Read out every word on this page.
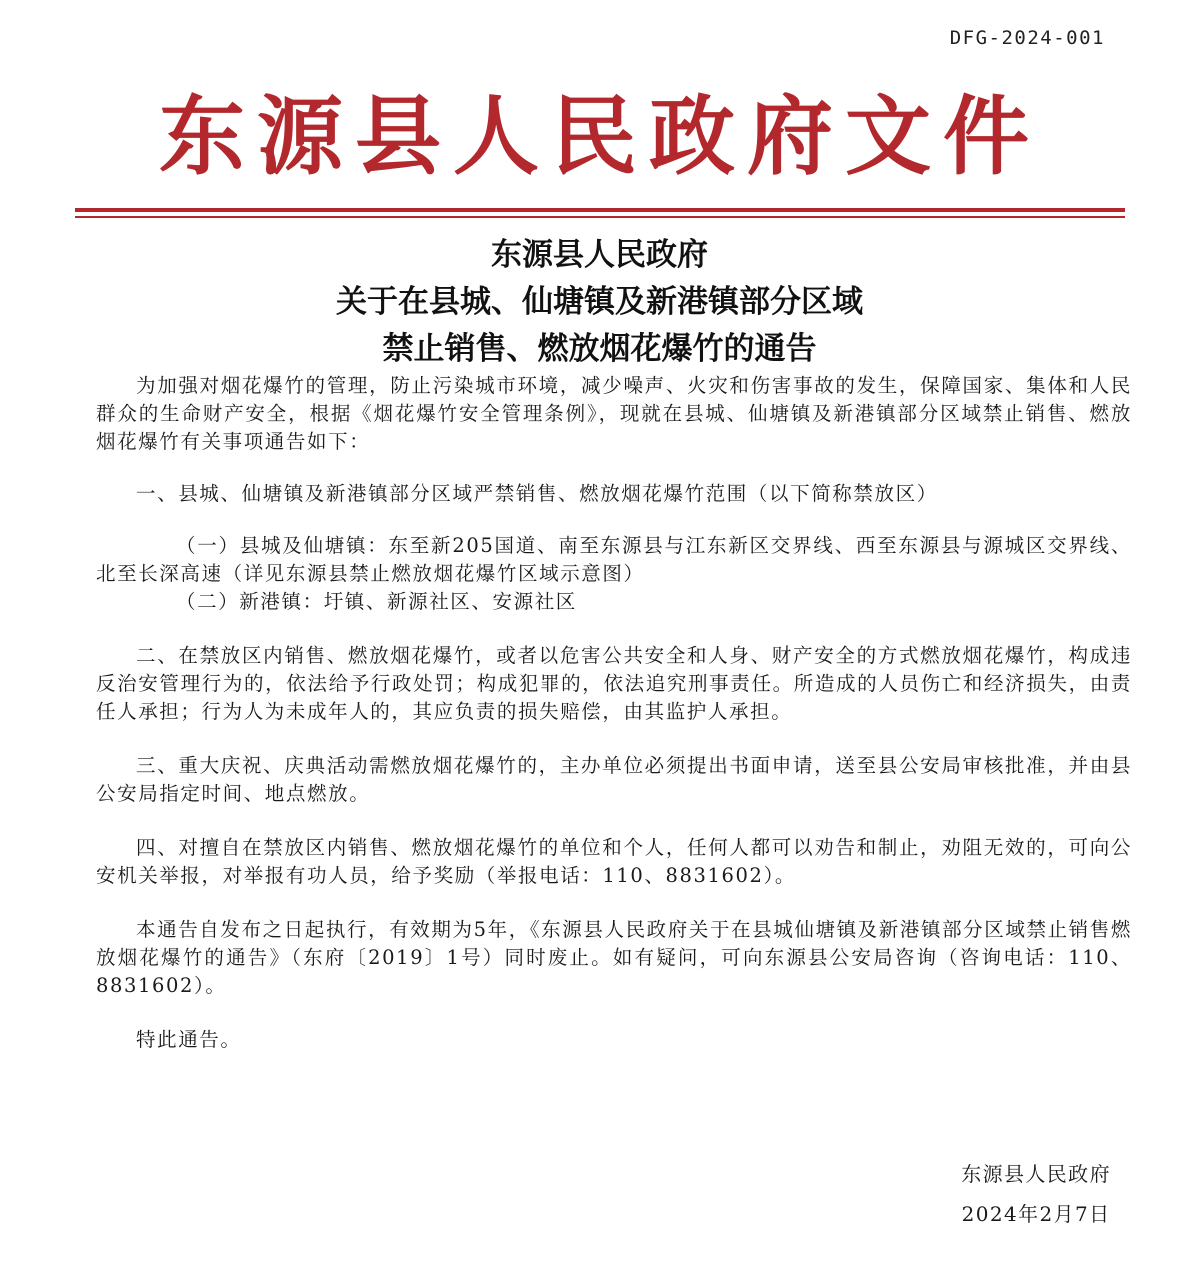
DFG-2024-001
东源县人民政府文件
东源县人民政府
关于在县城、仙塘镇及新港镇部分区域
禁止销售、燃放烟花爆竹的通告

为加强对烟花爆竹的管理，防止污染城市环境，减少噪声、火灾和伤害事故的发生，保障国家、集体和人民群众的生命财产安全，根据《烟花爆竹安全管理条例》，现就在县城、仙塘镇及新港镇部分区域禁止销售、燃放烟花爆竹有关事项通告如下：

一、县城、仙塘镇及新港镇部分区域严禁销售、燃放烟花爆竹范围（以下简称禁放区）

（一）县城及仙塘镇：东至新205国道、南至东源县与江东新区交界线、西至东源县与源城区交界线、北至长深高速（详见东源县禁止燃放烟花爆竹区域示意图）

（二）新港镇：圩镇、新源社区、安源社区

二、在禁放区内销售、燃放烟花爆竹，或者以危害公共安全和人身、财产安全的方式燃放烟花爆竹，构成违反治安管理行为的，依法给予行政处罚；构成犯罪的，依法追究刑事责任。所造成的人员伤亡和经济损失，由责任人承担；行为人为未成年人的，其应负责的损失赔偿，由其监护人承担。

三、重大庆祝、庆典活动需燃放烟花爆竹的，主办单位必须提出书面申请，送至县公安局审核批准，并由县公安局指定时间、地点燃放。

四、对擅自在禁放区内销售、燃放烟花爆竹的单位和个人，任何人都可以劝告和制止，劝阻无效的，可向公安机关举报，对举报有功人员，给予奖励（举报电话：110、8831602）。

本通告自发布之日起执行，有效期为5年，《东源县人民政府关于在县城仙塘镇及新港镇部分区域禁止销售燃放烟花爆竹的通告》（东府〔2019〕1号）同时废止。如有疑问，可向东源县公安局咨询（咨询电话：110、8831602）。

特此通告。

东源县人民政府
2024年2月7日
